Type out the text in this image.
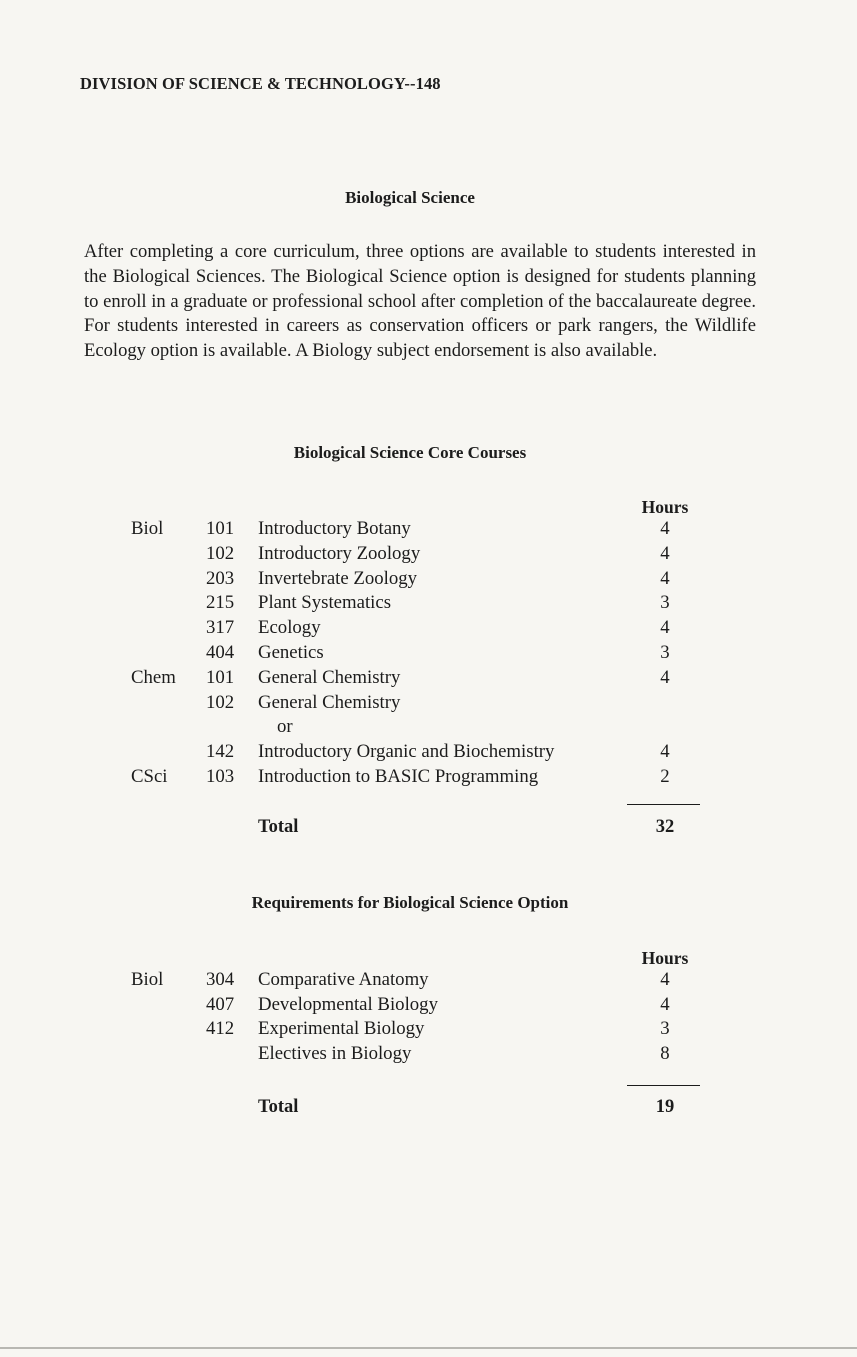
DIVISION OF SCIENCE & TECHNOLOGY--148
Biological Science

After completing a core curriculum, three options are available to students interested in the Biological Sciences. The Biological Science option is designed for students planning to enroll in a graduate or professional school after completion of the baccalaureate degree. For students interested in careers as conservation officers or park rangers, the Wildlife Ecology option is available. A Biology subject endorsement is also available.

Biological Science Core Courses
Hours
Biol 101	Introductory Botany	4
102	Introductory Zoology	4
203	Invertebrate Zoology	4
215	Plant Systematics	3
317	Ecology	4
404	Genetics	3
Chem 101	General Chemistry	4
102	General Chemistry
or
142	Introductory Organic and Biochemistry	4
CSci 103	Introduction to BASIC Programming	2
Total	32
Requirements for Biological Science Option
Hours
Biol 304	Comparative Anatomy	4
407	Developmental Biology	4
412	Experimental Biology	3
Electives in Biology	8
Total	19
